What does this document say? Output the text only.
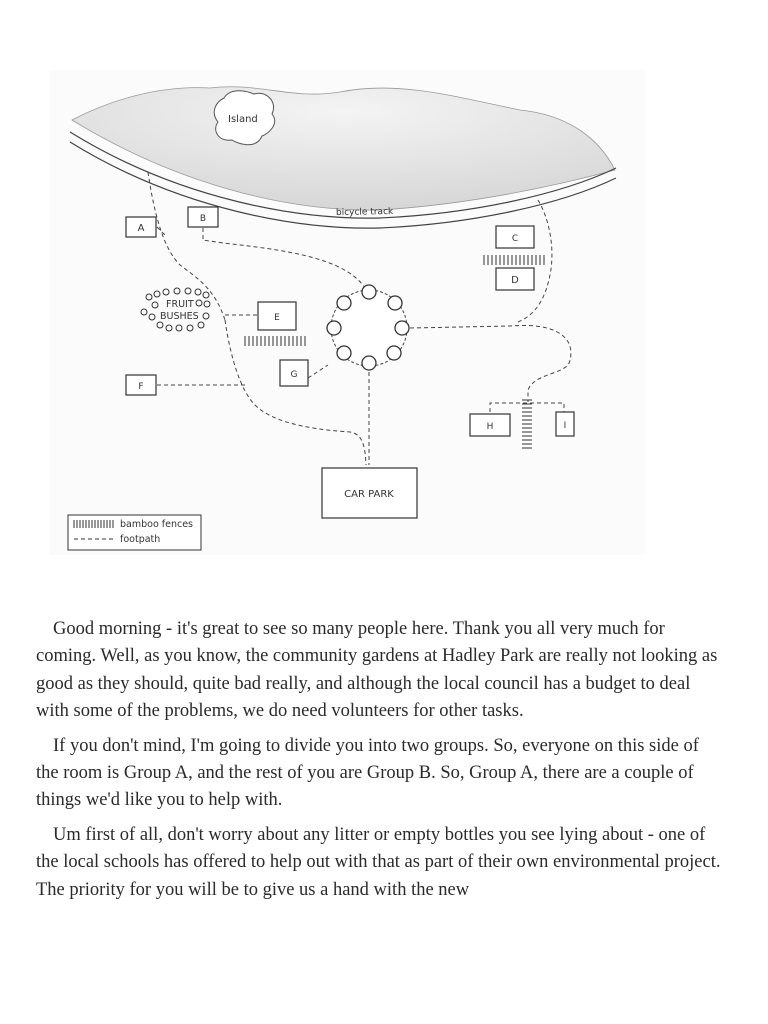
Island
bicycle track
FRUIT
BUSHES
A
B
C
D
E
F
G
H	I
CAR PARK
bamboo fences
footpath

Good morning - it's great to see so many people here. Thank you all very much for coming. Well, as you know, the community gardens at Hadley Park are really not looking as good as they should, quite bad really, and although the local council has a budget to deal with some of the problems, we do need volunteers for other tasks.

If you don't mind, I'm going to divide you into two groups. So, everyone on this side of the room is Group A, and the rest of you are Group B. So, Group A, there are a couple of things we'd like you to help with.

Um first of all, don't worry about any litter or empty bottles you see lying about - one of the local schools has offered to help out with that as part of their own environmental project. The priority for you will be to give us a hand with the new
